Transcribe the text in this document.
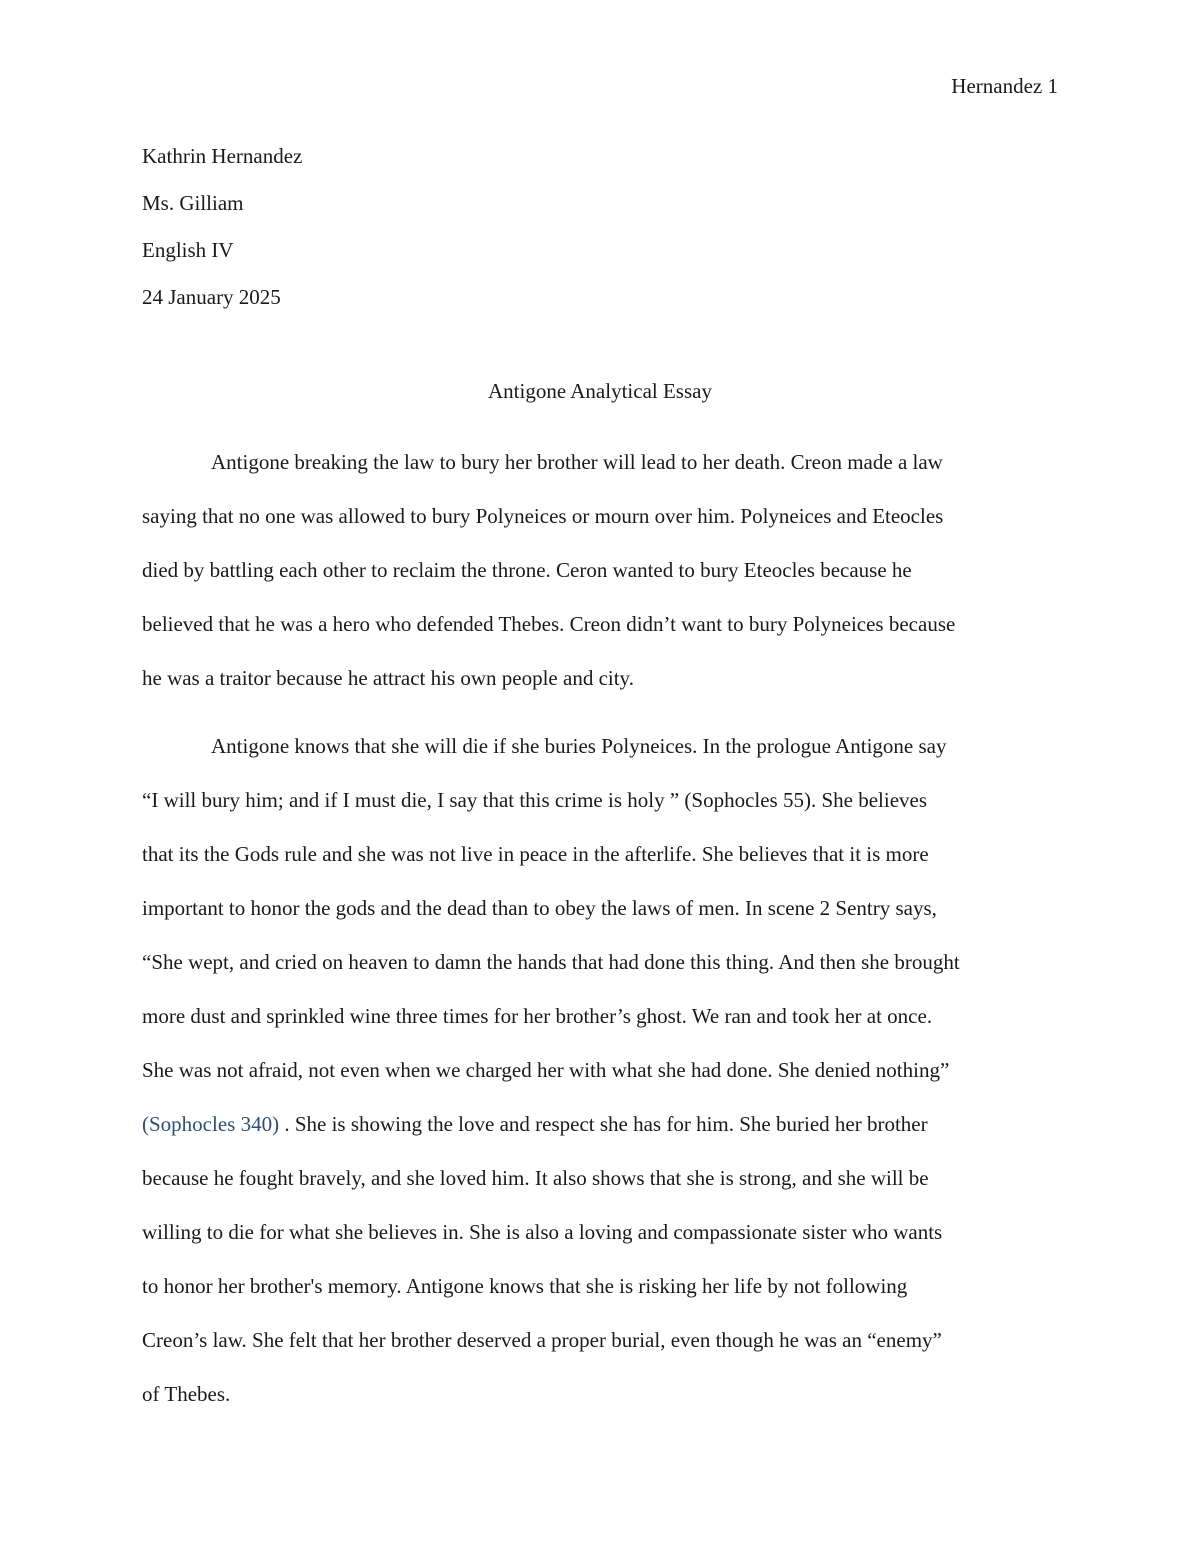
Hernandez 1
Kathrin Hernandez
Ms. Gilliam
English IV
24 January 2025
Antigone Analytical Essay
Antigone breaking the law to bury her brother will lead to her death. Creon made a law
saying that no one was allowed to bury Polyneices or mourn over him. Polyneices and Eteocles
died by battling each other to reclaim the throne. Ceron wanted to bury Eteocles because he
believed that he was a hero who defended Thebes. Creon didn’t want to bury Polyneices because
he was a traitor because he attract his own people and city.
Antigone knows that she will die if she buries Polyneices. In the prologue Antigone say
“I will bury him; and if I must die, I say that this crime is holy ” (Sophocles 55). She believes
that its the Gods rule and she was not live in peace in the afterlife. She believes that it is more
important to honor the gods and the dead than to obey the laws of men. In scene 2 Sentry says,
“She wept, and cried on heaven to damn the hands that had done this thing. And then she brought
more dust and sprinkled wine three times for her brother’s ghost. We ran and took her at once.
She was not afraid, not even when we charged her with what she had done. She denied nothing”
(Sophocles 340) . She is showing the love and respect she has for him. She buried her brother
because he fought bravely, and she loved him. It also shows that she is strong, and she will be
willing to die for what she believes in. She is also a loving and compassionate sister who wants
to honor her brother's memory. Antigone knows that she is risking her life by not following
Creon’s law. She felt that her brother deserved a proper burial, even though he was an “enemy”
of Thebes.
